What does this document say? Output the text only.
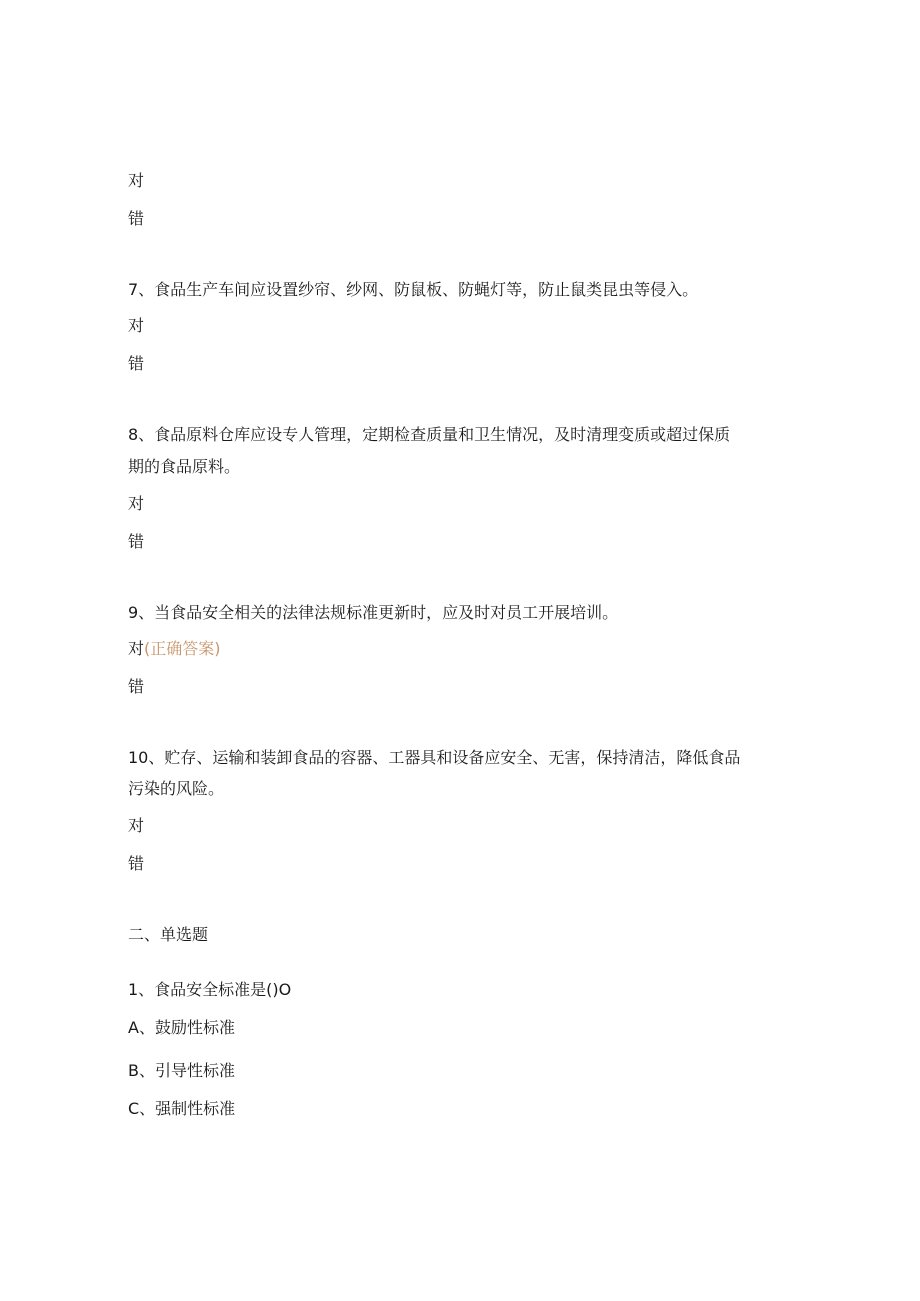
对
错
7、食品生产车间应设置纱帘、纱网、防鼠板、防蝇灯等，防止鼠类昆虫等侵入。
对
错
8、食品原料仓库应设专人管理，定期检查质量和卫生情况，及时清理变质或超过保质
期的食品原料。
对
错
9、当食品安全相关的法律法规标准更新时，应及时对员工开展培训。
对(正确答案)
错
10、贮存、运输和装卸食品的容器、工器具和设备应安全、无害，保持清洁，降低食品
污染的风险。
对
错
二、单选题
1、食品安全标准是()O
A、鼓励性标准
B、引导性标准
C、强制性标准
